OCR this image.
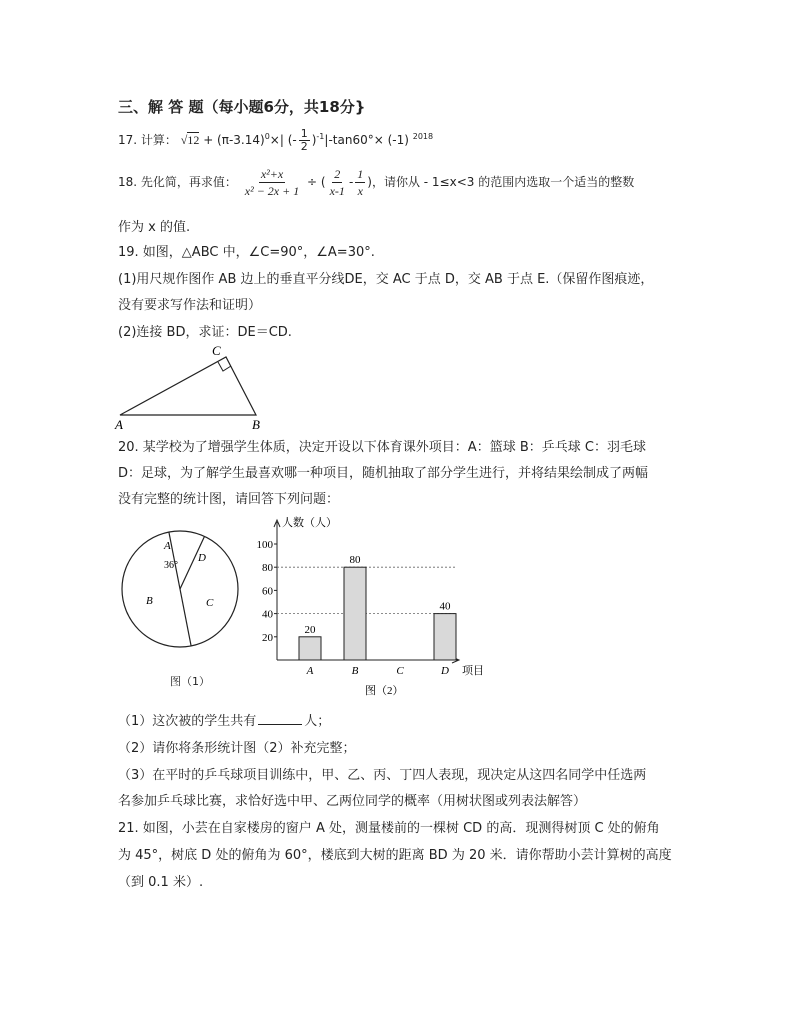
三、解 答 题（每小题6分，共18分}
17. 计算： $√12 + (\pi-3.14)^0\times|$ (- $\frac{1}{2} )^{-1}|-\tan 60^\circ\times (-1)$ $^{2018}$
18. 先化简，再求值： $\frac{\text{x²+x}}{\text{x² − 2x + 1}}$ ÷ ( $\frac{2}{x-1} - \frac{1}{x}$ )，请你从 - 1≤x<3 的范围内选取一个适当的整数
作为 x 的值.
19. 如图，△ABC 中，∠C=90°，∠A=30°.
(1)用尺规作图作 AB 边上的垂直平分线DE，交 AC 于点 D，交 AB 于点 E.（保留作图痕迹，
没有要求写作法和证明）
(2)连接 BD，求证：DE＝CD.
C
A	B
20. 某学校为了增强学生体质，决定开设以下体育课外项目：A：篮球 B：乒乓球 C：羽毛球
D：足球，为了解学生最喜欢哪一种项目，随机抽取了部分学生进行，并将结果绘制成了两幅
没有完整的统计图，请回答下列问题：
A
36°
D
C
B
图（1）
20
40
60
80
100
20
A
80
B	C
40
D
人数（人）
项目
图（2）
（1）这次被的学生共有	人；
（2）请你将条形统计图（2）补充完整；
（3）在平时的乒乓球项目训练中，甲、乙、丙、丁四人表现，现决定从这四名同学中任选两
名参加乒乓球比赛，求恰好选中甲、乙两位同学的概率（用树状图或列表法解答）
21. 如图，小芸在自家楼房的窗户 A 处，测量楼前的一棵树 CD 的高．现测得树顶 C 处的俯角
为 45°，树底 D 处的俯角为 60°，楼底到大树的距离 BD 为 20 米．请你帮助小芸计算树的高度
（到 0.1 米）.
